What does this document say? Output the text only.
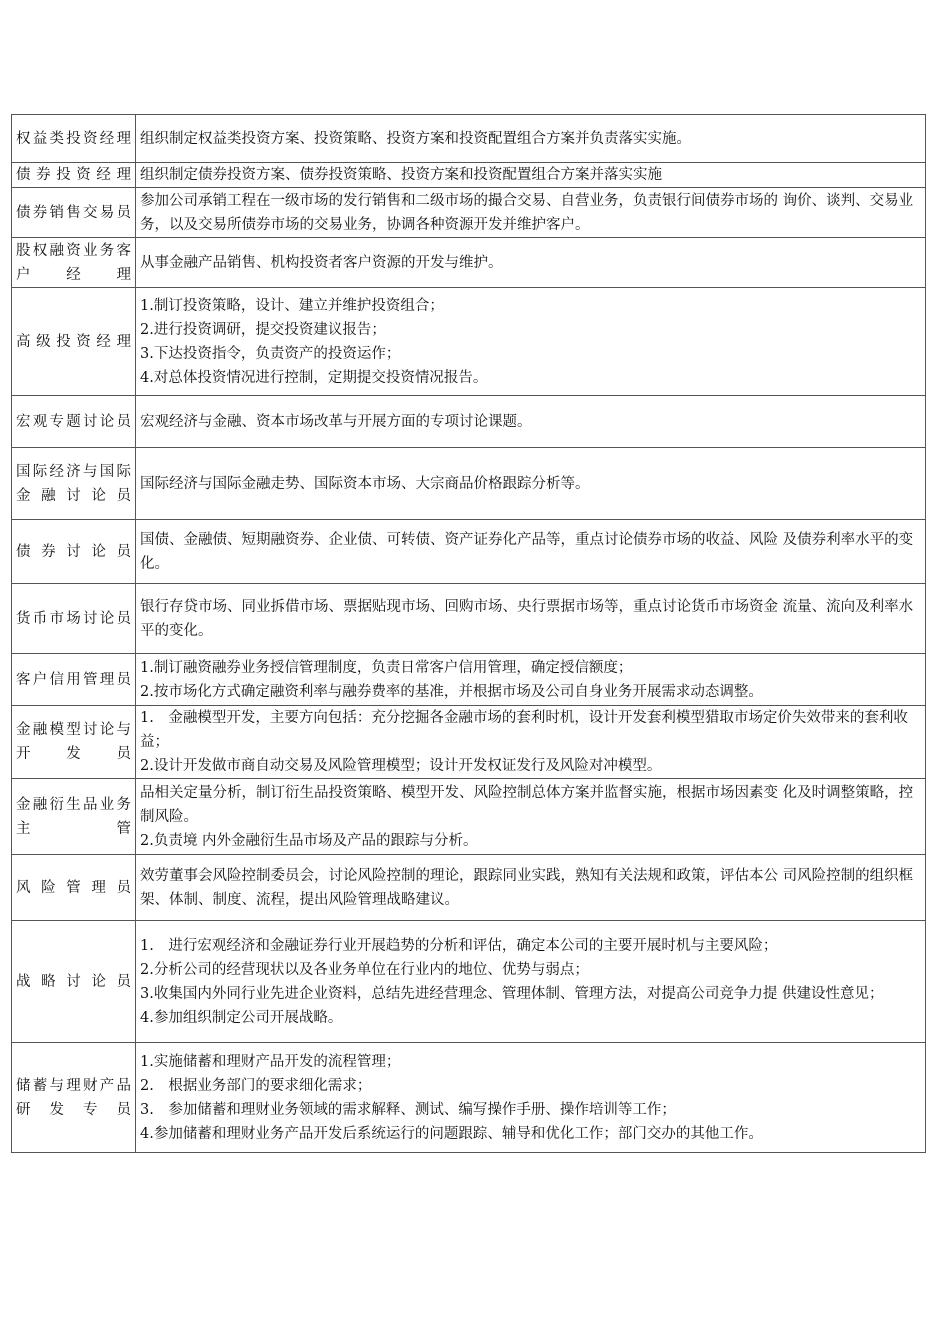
权益类投资经理	组织制定权益类投资方案、投资策略、投资方案和投资配置组合方案并负责落实实施。

债券投资经理	组织制定债券投资方案、债券投资策略、投资方案和投资配置组合方案并落实实施

债券销售交易员	参加公司承销工程在一级市场的发行销售和二级市场的撮合交易、自营业务，负责银行间债券市场的 询价、谈判、交易业务，以及交易所债券市场的交易业务，协调各种资源开发并维护客户。

股权融资业务客户经理	从事金融产品销售、机构投资者客户资源的开发与维护。

高级投资经理	1.制订投资策略，设计、建立并维护投资组合；
2.进行投资调研，提交投资建议报告；
3.下达投资指令，负责资产的投资运作；
4.对总体投资情况进行控制，定期提交投资情况报告。

宏观专题讨论员	宏观经济与金融、资本市场改革与开展方面的专项讨论课题。

国际经济与国际金融讨论员	国际经济与国际金融走势、国际资本市场、大宗商品价格跟踪分析等。

债券讨论员	国债、金融债、短期融资券、企业债、可转债、资产证券化产品等，重点讨论债券市场的收益、风险 及债券利率水平的变化。

货币市场讨论员	银行存贷市场、同业拆借市场、票据贴现市场、回购市场、央行票据市场等，重点讨论货币市场资金 流量、流向及利率水平的变化。

客户信用管理员	1.制订融资融券业务授信管理制度，负责日常客户信用管理，确定授信额度；
2.按市场化方式确定融资利率与融券费率的基准，并根据市场及公司自身业务开展需求动态调整。

金融模型讨论与开发员	1.　金融模型开发，主要方向包括：充分挖掘各金融市场的套利时机，设计开发套利模型猎取市场定价失效带来的套利收益；
2.设计开发做市商自动交易及风险管理模型；设计开发权证发行及风险对冲模型。

金融衍生品业务主管	品相关定量分析，制订衍生品投资策略、模型开发、风险控制总体方案并监督实施，根据市场因素变 化及时调整策略，控制风险。
2.负责境 内外金融衍生品市场及产品的跟踪与分析。

风险管理员	效劳董事会风险控制委员会，讨论风险控制的理论，跟踪同业实践，熟知有关法规和政策，评估本公 司风险控制的组织框架、体制、制度、流程，提出风险管理战略建议。

战略讨论员	1.　进行宏观经济和金融证券行业开展趋势的分析和评估，确定本公司的主要开展时机与主要风险；
2.分析公司的经营现状以及各业务单位在行业内的地位、优势与弱点；
3.收集国内外同行业先进企业资料，总结先进经营理念、管理体制、管理方法，对提高公司竞争力提 供建设性意见；
4.参加组织制定公司开展战略。

储蓄与理财产品研发专员	1.实施储蓄和理财产品开发的流程管理；
2.　根据业务部门的要求细化需求；
3.　参加储蓄和理财业务领域的需求解释、测试、编写操作手册、操作培训等工作；
4.参加储蓄和理财业务产品开发后系统运行的问题跟踪、辅导和优化工作；部门交办的其他工作。
